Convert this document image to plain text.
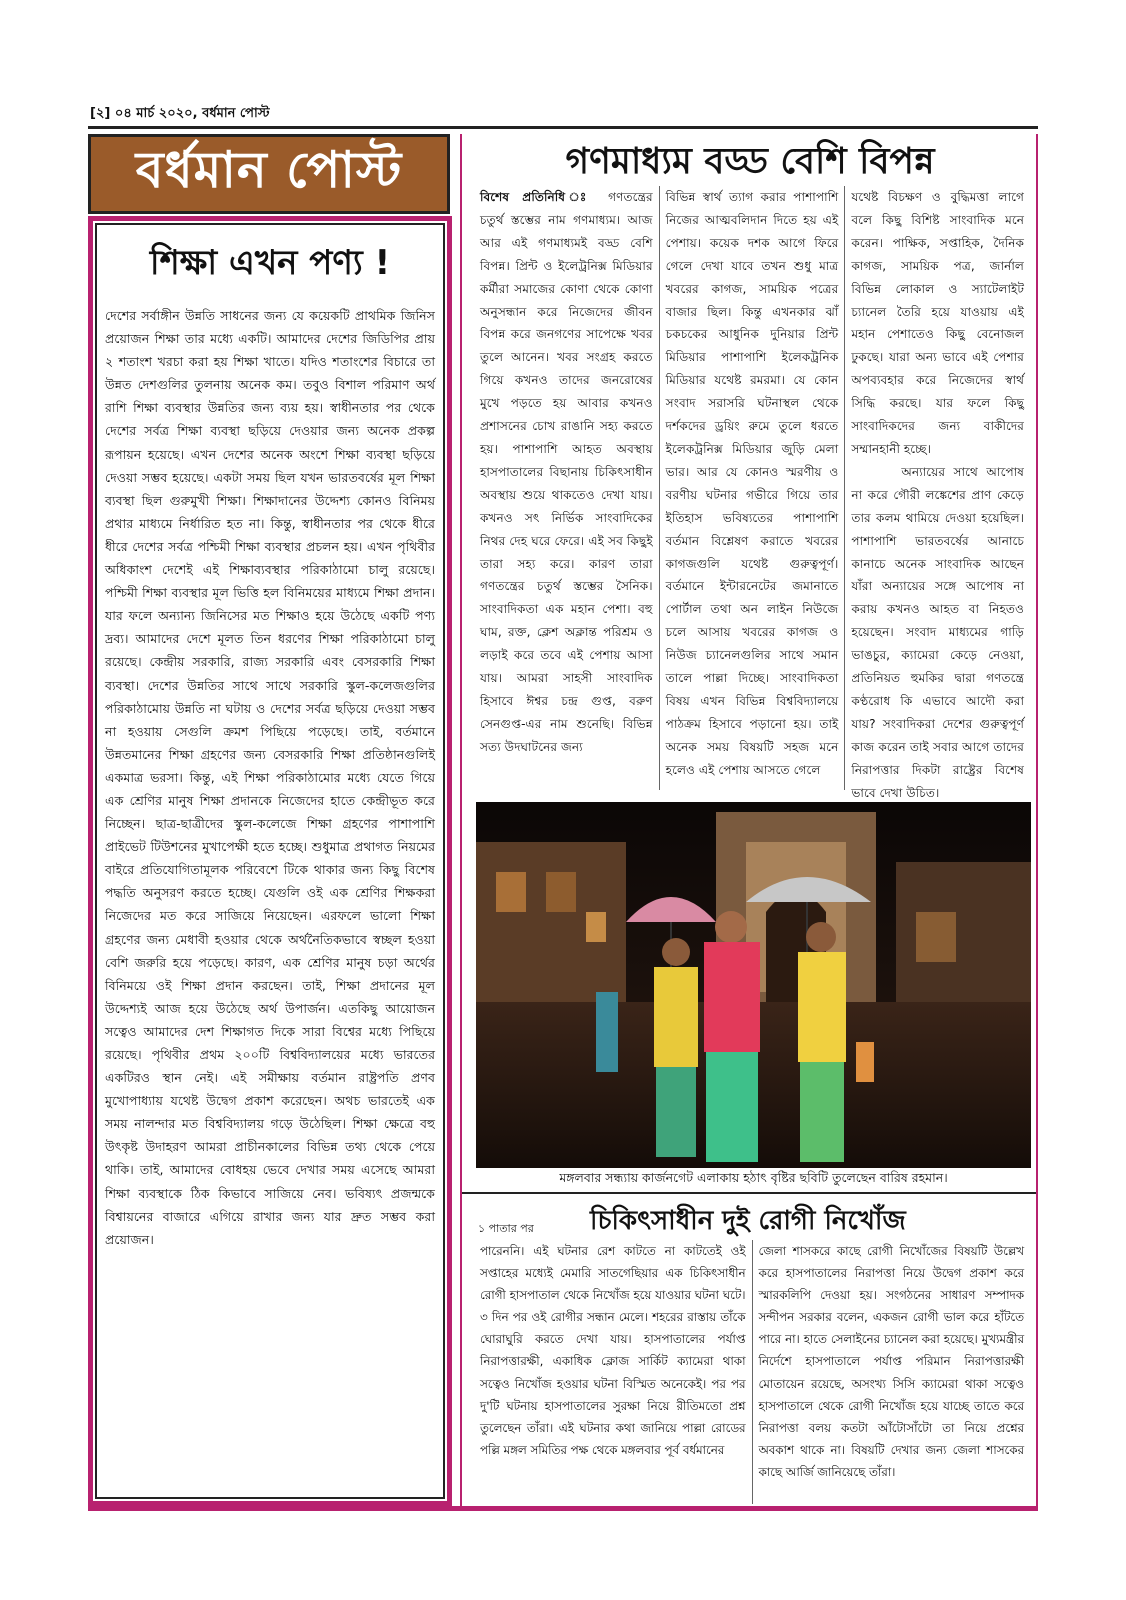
[২] ০৪ মার্চ ২০২০, বর্ধমান পোস্ট
বর্ধমান পোস্ট
শিক্ষা এখন পণ্য !
দেশের সর্বাঙ্গীন উন্নতি সাধনের জন্য যে কয়েকটি প্রাথমিক জিনিস প্রয়োজন শিক্ষা তার মধ্যে একটি। আমাদের দেশের জিডিপির প্রায় ২ শতাংশ খরচা করা হয় শিক্ষা খাতে। যদিও শতাংশের বিচারে তা উন্নত দেশগুলির তুলনায় অনেক কম। তবুও বিশাল পরিমাণ অর্থ রাশি শিক্ষা ব্যবস্থার উন্নতির জন্য ব্যয় হয়। স্বাধীনতার পর থেকে দেশের সর্বত্র শিক্ষা ব্যবস্থা ছড়িয়ে দেওয়ার জন্য অনেক প্রকল্প রূপায়ন হয়েছে। এখন দেশের অনেক অংশে শিক্ষা ব্যবস্থা ছড়িয়ে দেওয়া সম্ভব হয়েছে। একটা সময় ছিল যখন ভারতবর্ষের মূল শিক্ষা ব্যবস্থা ছিল গুরুমুখী শিক্ষা। শিক্ষাদানের উদ্দেশ্য কোনও বিনিময় প্রথার মাধ্যমে নির্ধারিত হত না। কিন্তু, স্বাধীনতার পর থেকে ধীরে ধীরে দেশের সর্বত্র পশ্চিমী শিক্ষা ব্যবস্থার প্রচলন হয়। এখন পৃথিবীর অধিকাংশ দেশেই এই শিক্ষাব্যবস্থার পরিকাঠামো চালু রয়েছে। পশ্চিমী শিক্ষা ব্যবস্থার মূল ভিত্তি হল বিনিময়ের মাধ্যমে শিক্ষা প্রদান। যার ফলে অন্যান্য জিনিসের মত শিক্ষাও হয়ে উঠেছে একটি পণ্য দ্রব্য। আমাদের দেশে মূলত তিন ধরণের শিক্ষা পরিকাঠামো চালু রয়েছে। কেন্দ্রীয় সরকারি, রাজ্য সরকারি এবং বেসরকারি শিক্ষা ব্যবস্থা। দেশের উন্নতির সাথে সাথে সরকারি স্কুল-কলেজগুলির পরিকাঠামোয় উন্নতি না ঘটায় ও দেশের সর্বত্র ছড়িয়ে দেওয়া সম্ভব না হওয়ায় সেগুলি ক্রমশ পিছিয়ে পড়েছে। তাই, বর্তমানে উন্নতমানের শিক্ষা গ্রহণের জন্য বেসরকারি শিক্ষা প্রতিষ্ঠানগুলিই একমাত্র ভরসা। কিন্তু, এই শিক্ষা পরিকাঠামোর মধ্যে যেতে গিয়ে এক শ্রেণির মানুষ শিক্ষা প্রদানকে নিজেদের হাতে কেন্দ্রীভূত করে নিচ্ছেন। ছাত্র-ছাত্রীদের স্কুল-কলেজে শিক্ষা গ্রহণের পাশাপাশি প্রাইভেট টিউশনের মুখাপেক্ষী হতে হচ্ছে। শুধুমাত্র প্রথাগত নিয়মের বাইরে প্রতিযোগিতামূলক পরিবেশে টিকে থাকার জন্য কিছু বিশেষ পদ্ধতি অনুসরণ করতে হচ্ছে। যেগুলি ওই এক শ্রেণির শিক্ষকরা নিজেদের মত করে সাজিয়ে নিয়েছেন। এরফলে ভালো শিক্ষা গ্রহণের জন্য মেধাবী হওয়ার থেকে অর্থনৈতিকভাবে স্বচ্ছল হওয়া বেশি জরুরি হয়ে পড়েছে। কারণ, এক শ্রেণির মানুষ চড়া অর্থের বিনিময়ে ওই শিক্ষা প্রদান করছেন। তাই, শিক্ষা প্রদানের মূল উদ্দেশ্যই আজ হয়ে উঠেছে অর্থ উপার্জন। এতকিছু আয়োজন সত্বেও আমাদের দেশ শিক্ষাগত দিকে সারা বিশ্বের মধ্যে পিছিয়ে রয়েছে। পৃথিবীর প্রথম ২০০টি বিশ্ববিদ্যালয়ের মধ্যে ভারতের একটিরও স্থান নেই। এই সমীক্ষায় বর্তমান রাষ্ট্রপতি প্রণব মুখোপাধ্যায় যথেষ্ট উদ্বেগ প্রকাশ করেছেন। অথচ ভারতেই এক সময় নালন্দার মত বিশ্ববিদ্যালয় গড়ে উঠেছিল। শিক্ষা ক্ষেত্রে বহু উৎকৃষ্ট উদাহরণ আমরা প্রাচীনকালের বিভিন্ন তথ্য থেকে পেয়ে থাকি। তাই, আমাদের বোধহয় ভেবে দেখার সময় এসেছে আমরা শিক্ষা ব্যবস্থাকে ঠিক কিভাবে সাজিয়ে নেব। ভবিষ্যৎ প্রজন্মকে বিশ্বায়নের বাজারে এগিয়ে রাখার জন্য যার দ্রুত সম্ভব করা প্রয়োজন।
গণমাধ্যম বড্ড বেশি বিপন্ন
বিশেষ প্রতিনিধি ঃ গণতন্ত্রের চতুর্থ স্তম্ভের নাম গণমাধ্যম। আজ আর এই গণমাধ্যমই বড্ড বেশি বিপন্ন। প্রিন্ট ও ইলেট্রনিক্স মিডিয়ার কর্মীরা সমাজের কোণা থেকে কোণা অনুসন্ধান করে নিজেদের জীবন বিপন্ন করে জনগণের সাপেক্ষে খবর তুলে আনেন। খবর সংগ্রহ করতে গিয়ে কখনও তাদের জনরোষের মুখে পড়তে হয় আবার কখনও প্রশাসনের চোখ রাঙানি সহ্য করতে হয়। পাশাপাশি আহত অবস্থায় হাসপাতালের বিছানায় চিকিৎসাধীন অবস্থায় শুয়ে থাকতেও দেখা যায়। কখনও সৎ নির্ভিক সাংবাদিকের নিথর দেহ ঘরে ফেরে। এই সব কিছুই তারা সহ্য করে। কারণ তারা গণতন্ত্রের চতুর্থ স্তম্ভের সৈনিক। সাংবাদিকতা এক মহান পেশা। বহু ঘাম, রক্ত, ক্লেশ অক্লান্ত পরিশ্রম ও লড়াই করে তবে এই পেশায় আসা যায়। আমরা সাহসী সাংবাদিক হিসাবে ঈশ্বর চন্দ্র গুপ্ত, বরুণ সেনগুপ্ত-এর নাম শুনেছি। বিভিন্ন সত্য উদঘাটনের জন্য
বিভিন্ন স্বার্থ ত্যাগ করার পাশাপাশি নিজের আত্মবলিদান দিতে হয় এই পেশায়। কয়েক দশক আগে ফিরে গেলে দেখা যাবে তখন শুধু মাত্র খবরের কাগজ, সাময়িক পত্রের বাজার ছিল। কিন্তু এখনকার ঝাঁ চকচকের আধুনিক দুনিয়ার প্রিন্ট মিডিয়ার পাশাপাশি ইলেকট্রনিক মিডিয়ার যথেষ্ট রমরমা। যে কোন সংবাদ সরাসরি ঘটনাস্থল থেকে দর্শকদের ড্রয়িং রুমে তুলে ধরতে ইলেকট্রনিক্স মিডিয়ার জুড়ি মেলা ভার। আর যে কোনও স্মরণীয় ও বরণীয় ঘটনার গভীরে গিয়ে তার ইতিহাস ভবিষ্যতের পাশাপাশি বর্তমান বিশ্লেষণ করাতে খবরের কাগজগুলি যথেষ্ট গুরুত্বপূর্ণ। বর্তমানে ইন্টারনেটের জমানাতে পোর্টাল তথা অন লাইন নিউজে চলে আসায় খবরের কাগজ ও নিউজ চ্যানেলগুলির সাথে সমান তালে পাল্লা দিচ্ছে। সাংবাদিকতা বিষয় এখন বিভিন্ন বিশ্ববিদ্যালয়ে পাঠক্রম হিসাবে পড়ানো হয়। তাই অনেক সময় বিষয়টি সহজ মনে হলেও এই পেশায় আসতে গেলে
যথেষ্ট বিচক্ষণ ও বুদ্ধিমত্তা লাগে বলে কিছু বিশিষ্ট সাংবাদিক মনে করেন। পাক্ষিক, সপ্তাহিক, দৈনিক কাগজ, সাময়িক পত্র, জার্নাল বিভিন্ন লোকাল ও স্যাটেলাইট চ্যানেল তৈরি হয়ে যাওয়ায় এই মহান পেশাতেও কিছু বেনোজল ঢুকছে। যারা অন্য ভাবে এই পেশার অপব্যবহার করে নিজেদের স্বার্থ সিদ্ধি করছে। যার ফলে কিছু সাংবাদিকদের জন্য বাকীদের সম্মানহানী হচ্ছে।
অন্যায়ের সাথে আপোষ না করে গৌরী লঙ্কেশের প্রাণ কেড়ে তার কলম থামিয়ে দেওয়া হয়েছিল। পাশাপাশি ভারতবর্ষের আনাচে কানাচে অনেক সাংবাদিক আছেন যাঁরা অন্যায়ের সঙ্গে আপোষ না করায় কখনও আহত বা নিহতও হয়েছেন। সংবাদ মাধ্যমের গাড়ি ভাঙচুর, ক্যামেরা কেড়ে নেওয়া, প্রতিনিয়ত হুমকির দ্বারা গণতন্ত্রে কণ্ঠরোধ কি এভাবে আদৌ করা যায়? সংবাদিকরা দেশের গুরুত্বপূর্ণ কাজ করেন তাই সবার আগে তাদের নিরাপত্তার দিকটা রাষ্ট্রের বিশেষ ভাবে দেখা উচিত।
মঙ্গলবার সন্ধ্যায় কার্জনগেট এলাকায় হঠাৎ বৃষ্টির ছবিটি তুলেছেন বারিষ রহমান।
১ পাতার পর চিকিৎসাধীন দুই রোগী নিখোঁজ
পারেননি। এই ঘটনার রেশ কাটতে না কাটতেই ওই সপ্তাহের মধ্যেই মেমারি সাতগেছিয়ার এক চিকিৎসাধীন রোগী হাসপাতাল থেকে নিখোঁজ হয়ে যাওয়ার ঘটনা ঘটে। ৩ দিন পর ওই রোগীর সন্ধান মেলে। শহরের রাস্তায় তাঁকে ঘোরাঘুরি করতে দেখা যায়। হাসপাতালের পর্যাপ্ত নিরাপত্তারক্ষী, একাধিক ক্লোজ সার্কিট ক্যামেরা থাকা সত্বেও নিখোঁজ হওয়ার ঘটনা বিস্মিত অনেকেই। পর পর দু'টি ঘটনায় হাসপাতালের সুরক্ষা নিয়ে রীতিমতো প্রশ্ন তুলেছেন তাঁরা। এই ঘটনার কথা জানিয়ে পাল্লা রোডের পল্লি মঙ্গল সমিতির পক্ষ থেকে মঙ্গলবার পূর্ব বর্ধমানের
জেলা শাসকরে কাছে রোগী নিখোঁজের বিষয়টি উল্লেখ করে হাসপাতালের নিরাপত্তা নিয়ে উদ্বেগ প্রকাশ করে স্মারকলিপি দেওয়া হয়। সংগঠনের সাধারণ সম্পাদক সন্দীপন সরকার বলেন, একজন রোগী ভাল করে হাঁটতে পারে না। হাতে সেলাইনের চ্যানেল করা হয়েছে। মুখ্যমন্ত্রীর নির্দেশে হাসপাতালে পর্যাপ্ত পরিমান নিরাপত্তারক্ষী মোতায়েন রয়েছে, অসংখ্য সিসি ক্যামেরা থাকা সত্বেও হাসপাতালে থেকে রোগী নিখোঁজ হয়ে যাচ্ছে তাতে করে নিরাপত্তা বলয় কতটা আঁটোসাঁটো তা নিয়ে প্রশ্নের অবকাশ থাকে না। বিষয়টি দেখার জন্য জেলা শাসকের কাছে আর্জি জানিয়েছে তাঁরা।
